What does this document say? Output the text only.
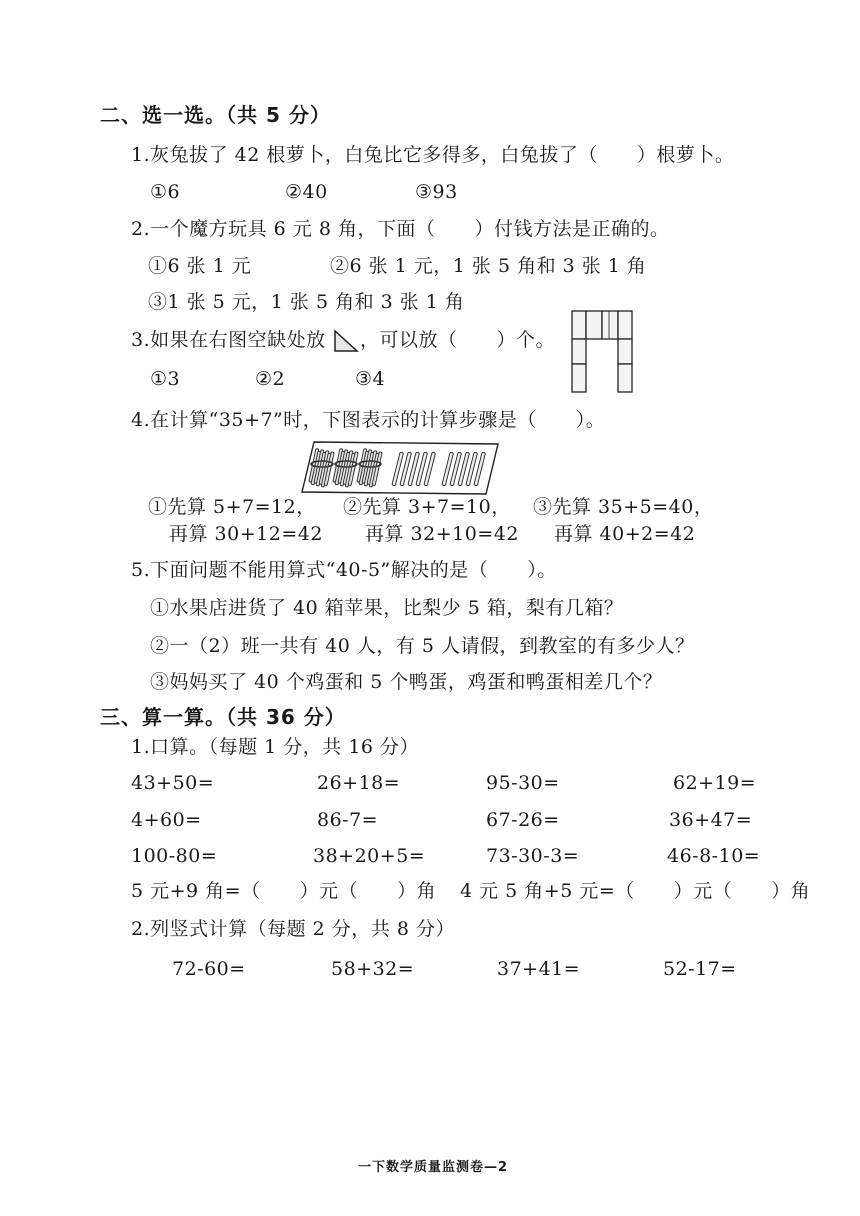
二、选一选。（共 5 分）
1.灰兔拔了 42 根萝卜，白兔比它多得多，白兔拔了（　　）根萝卜。
①6	②40	③93
2.一个魔方玩具 6 元 8 角，下面（　　）付钱方法是正确的。
①6 张 1 元	②6 张 1 元，1 张 5 角和 3 张 1 角
③1 张 5 元，1 张 5 角和 3 张 1 角
3.如果在右图空缺处放 ，可以放（　　）个。
①3	②2	③4
4.在计算“35+7”时，下图表示的计算步骤是（　　）。
①先算 5+7=12，
再算 30+12=42
②先算 3+7=10，
再算 32+10=42
③先算 35+5=40，
再算 40+2=42
5.下面问题不能用算式“40-5”解决的是（　　）。
①水果店进货了 40 箱苹果，比梨少 5 箱，梨有几箱？
②一（2）班一共有 40 人，有 5 人请假，到教室的有多少人？
③妈妈买了 40 个鸡蛋和 5 个鸭蛋，鸡蛋和鸭蛋相差几个？
三、算一算。（共 36 分）
1.口算。（每题 1 分，共 16 分）
43+50=	26+18=	95-30=	62+19=
4+60=	86-7=	67-26=	36+47=
100-80=	38+20+5=	73-30-3=	46-8-10=
5 元+9 角=（　　）元（　　）角 4 元 5 角+5 元=（　　）元（　　）角
2.列竖式计算（每题 2 分，共 8 分）
72-60=	58+32=	37+41=	52-17=
一下数学质量监测卷—2
